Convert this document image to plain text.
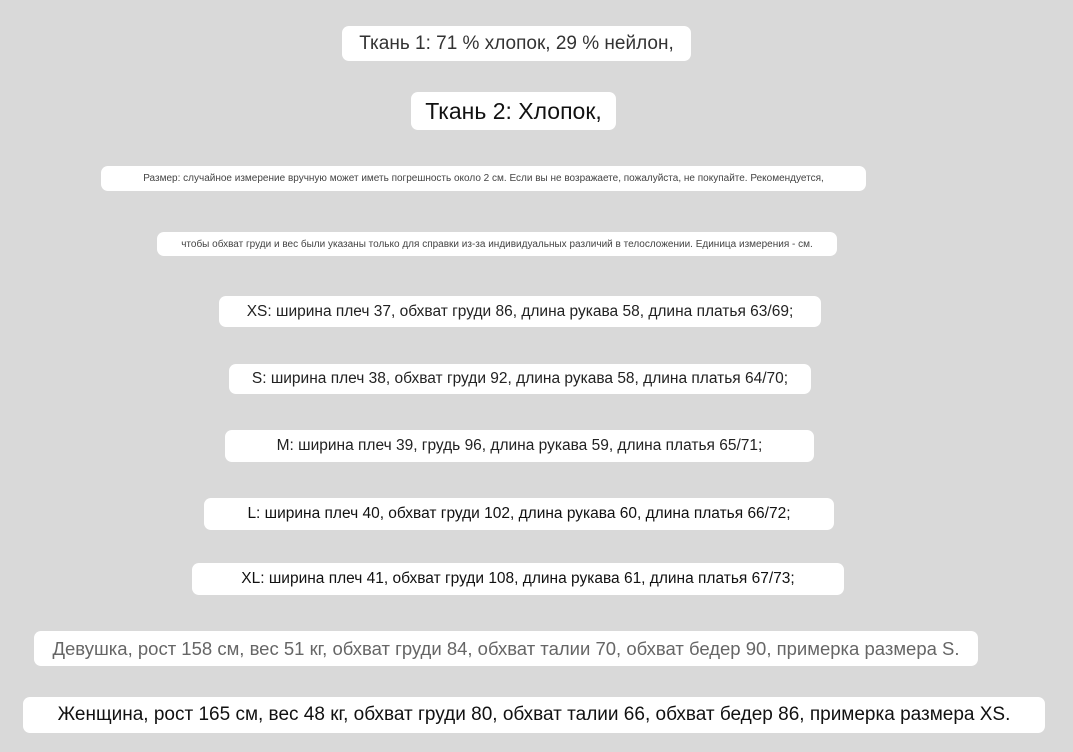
Ткань 1: 71 % хлопок, 29 % нейлон,
Ткань 2: Хлопок,
Размер: случайное измерение вручную может иметь погрешность около 2 см. Если вы не возражаете, пожалуйста, не покупайте. Рекомендуется,
чтобы обхват груди и вес были указаны только для справки из-за индивидуальных различий в телосложении. Единица измерения - см.
XS: ширина плеч 37, обхват груди 86, длина рукава 58, длина платья 63/69;
S: ширина плеч 38, обхват груди 92, длина рукава 58, длина платья 64/70;
M: ширина плеч 39, грудь 96, длина рукава 59, длина платья 65/71;
L: ширина плеч 40, обхват груди 102, длина рукава 60, длина платья 66/72;
XL: ширина плеч 41, обхват груди 108, длина рукава 61, длина платья 67/73;
Девушка, рост 158 см, вес 51 кг, обхват груди 84, обхват талии 70, обхват бедер 90, примерка размера S.
Женщина, рост 165 см, вес 48 кг, обхват груди 80, обхват талии 66, обхват бедер 86, примерка размера XS.
